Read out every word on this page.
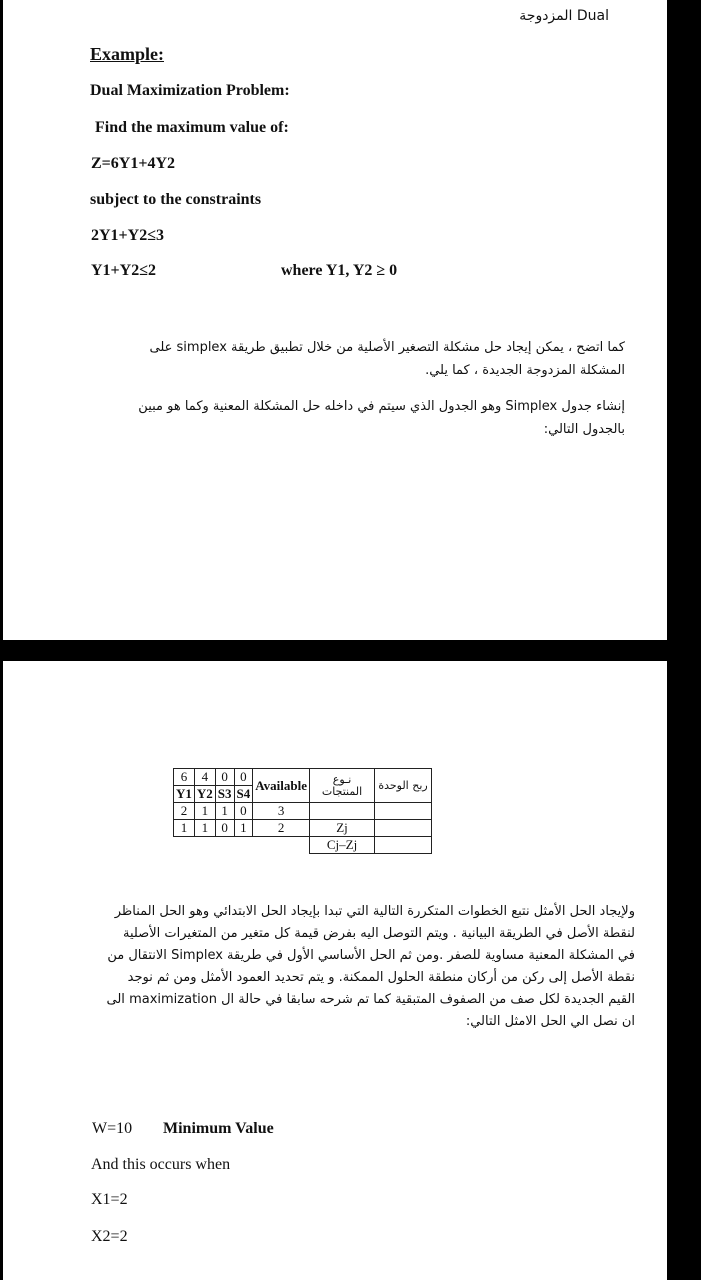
المزدوجة Dual
Example:
Dual Maximization Problem:
Find the maximum value of:
Z=6Y1+4Y2
subject to the constraints
2Y1+Y2≤3
Y1+Y2≤2	where Y1, Y2 ≥ 0
كما اتضح ، يمكن إيجاد حل مشكلة التصغير الأصلية من خلال تطبيق طريقة simplex على المشكلة المزدوجة الجديدة ، كما يلي.
إنشاء جدول Simplex وهو الجدول الذي سيتم في داخله حل المشكلة المعنية وكما هو مبين بالجدول التالي:
6	4	0	0	Available	نـوع المنتجات	ربح الوحدة
Y1	Y2	S3	S4			
2	1	1	0	3		
1	1	0	1	2	Zj	
					Cj–Zj	
ولإيجاد الحل الأمثل نتبع الخطوات المتكررة التالية التي تبدا بإيجاد الحل الابتدائي وهو الحل المناظر لنقطة الأصل في الطريقة البيانية . ويتم التوصل اليه بفرض قيمة كل متغير من المتغيرات الأصلية في المشكلة المعنية مساوية للصفر .ومن ثم الحل الأساسي الأول في طريقة Simplex الانتقال من نقطة الأصل إلى ركن من أركان منطقة الحلول الممكنة. و يتم تحديد العمود الأمثل ومن ثم نوجد القيم الجديدة لكل صف من الصفوف المتبقية كما تم شرحه سابقا في حالة ال maximization الى ان نصل الي الحل الامثل التالي:
W=10 Minimum Value
And this occurs when
X1=2
X2=2
